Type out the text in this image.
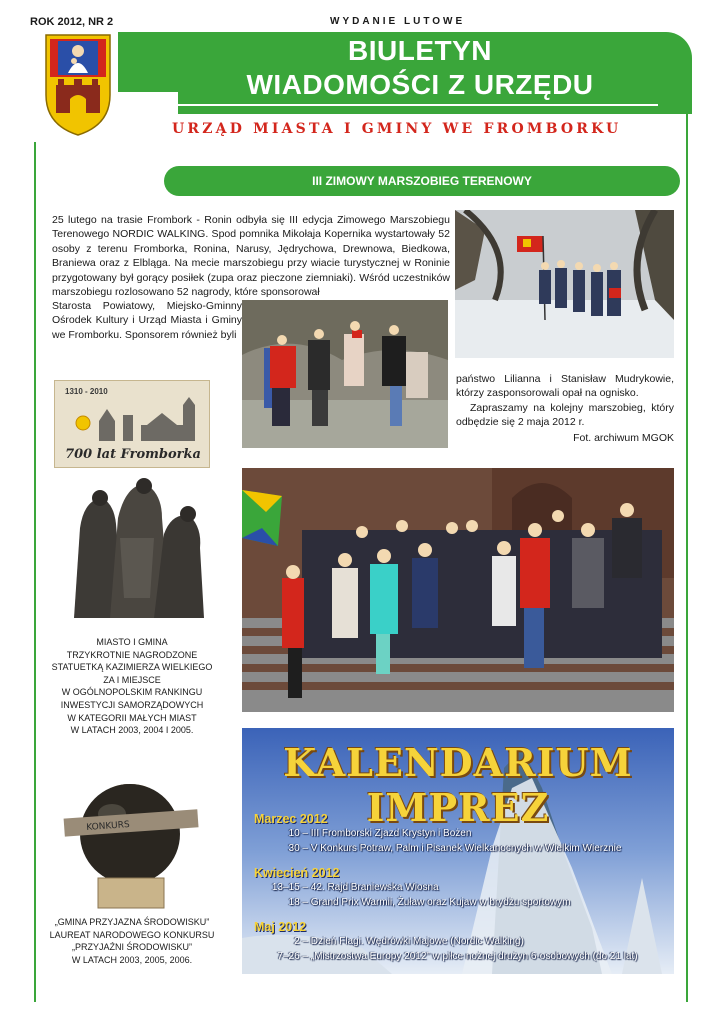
ROK 2012, NR 2	WYDANIE LUTOWE
BIULETYN
WIADOMOŚCI Z URZĘDU
URZĄD MIASTA I GMINY WE FROMBORKU
III ZIMOWY MARSZOBIEG TERENOWY
25 lutego na trasie Frombork - Ronin odbyła się III edycja Zimowego Marszobiegu Terenowego NORDIC WALKING. Spod pomnika Mikołaja Kopernika wystartowały 52 osoby z terenu Fromborka, Ronina, Narusy, Jędrychowa, Drewnowa, Biedkowa, Braniewa oraz z Elbląga. Na mecie marszobiegu przy wiacie turystycznej w Roninie przygotowany był gorący posiłek (zupa oraz pieczone ziemniaki). Wśród uczestników marszobiegu rozlosowano 52 nagrody, które sponsorował
Starosta Powiatowy, Miejsko-Gminny Ośrodek Kultury i Urząd Miasta i Gminy we Fromborku. Sponsorem również byli

państwo Lilianna i Stanisław Mudrykowie, którzy zasponsorowali opał na ognisko.

Zapraszamy na kolejny marszobieg, który odbędzie się 2 maja 2012 r.

Fot. archiwum MGOK
1310 - 2010
700 lat Fromborka
MIASTO I GMINA
TRZYKROTNIE NAGRODZONE
STATUETKĄ KAZIMIERZA WIELKIEGO
ZA I MIEJSCE
W OGÓLNOPOLSKIM RANKINGU
INWESTYCJI SAMORZĄDOWYCH
W KATEGORII MAŁYCH MIAST
W LATACH 2003, 2004 I 2005.
KONKURS
„GMINA PRZYJAZNA ŚRODOWISKU”
LAUREAT NARODOWEGO KONKURSU
„PRZYJAŹNI ŚRODOWISKU”
W LATACH 2003, 2005, 2006.
KALENDARIUM IMPREZ
Marzec 2012
10 – III Fromborski Zjazd Krystyn i Bożen
30 – V Konkurs Potraw, Palm i Pisanek Wielkanocnych w Wielkim Wierznie
Kwiecień 2012
13–15 – 42. Rajd Braniewska Wiosna
18 – Grand Prix Warmii, Żuław oraz Kujaw w brydżu sportowym
Maj 2012
2 – Dzień Flagi. Wędrówki Majowe (Nordic Walking)
7–26 – „Mistrzostwa Europy 2012” w piłce nożnej drużyn 6-osobowych (do 21 lat)
